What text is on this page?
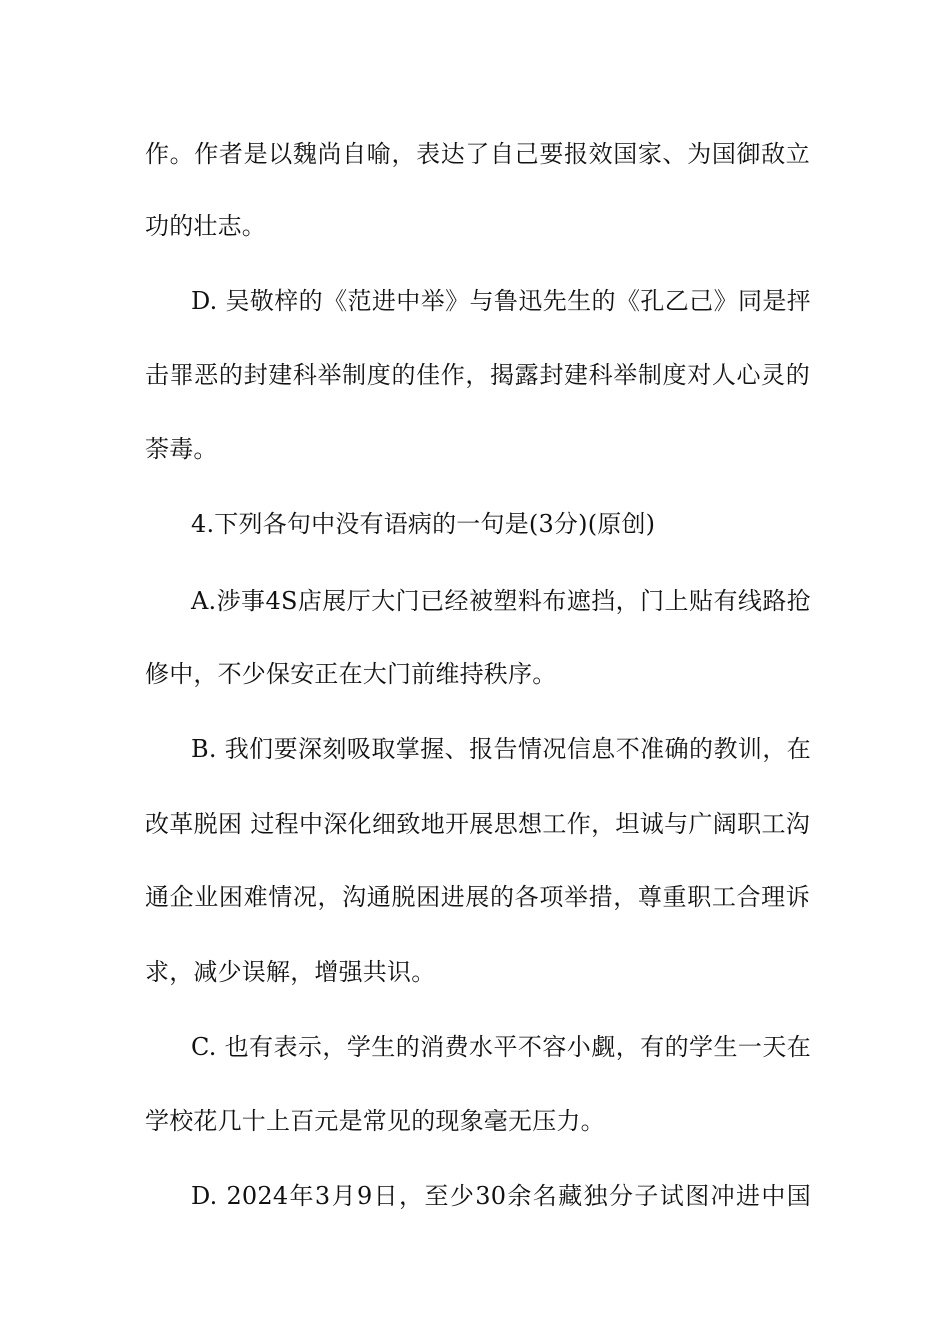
作。作者是以魏尚自喻，表达了自己要报效国家、为国御敌立
功的壮志。
D. 吴敬梓的《范进中举》与鲁迅先生的《孔乙己》同是抨
击罪恶的封建科举制度的佳作，揭露封建科举制度对人心灵的
荼毒。
4.下列各句中没有语病的一句是(3分)(原创)
A.涉事4S店展厅大门已经被塑料布遮挡，门上贴有线路抢
修中，不少保安正在大门前维持秩序。
B. 我们要深刻吸取掌握、报告情况信息不准确的教训，在
改革脱困 过程中深化细致地开展思想工作，坦诚与广阔职工沟
通企业困难情况，沟通脱困进展的各项举措，尊重职工合理诉
求，减少误解，增强共识。
C. 也有表示，学生的消费水平不容小觑，有的学生一天在
学校花几十上百元是常见的现象毫无压力。
D. 2024年3月9日，至少30余名藏独分子试图冲进中国
